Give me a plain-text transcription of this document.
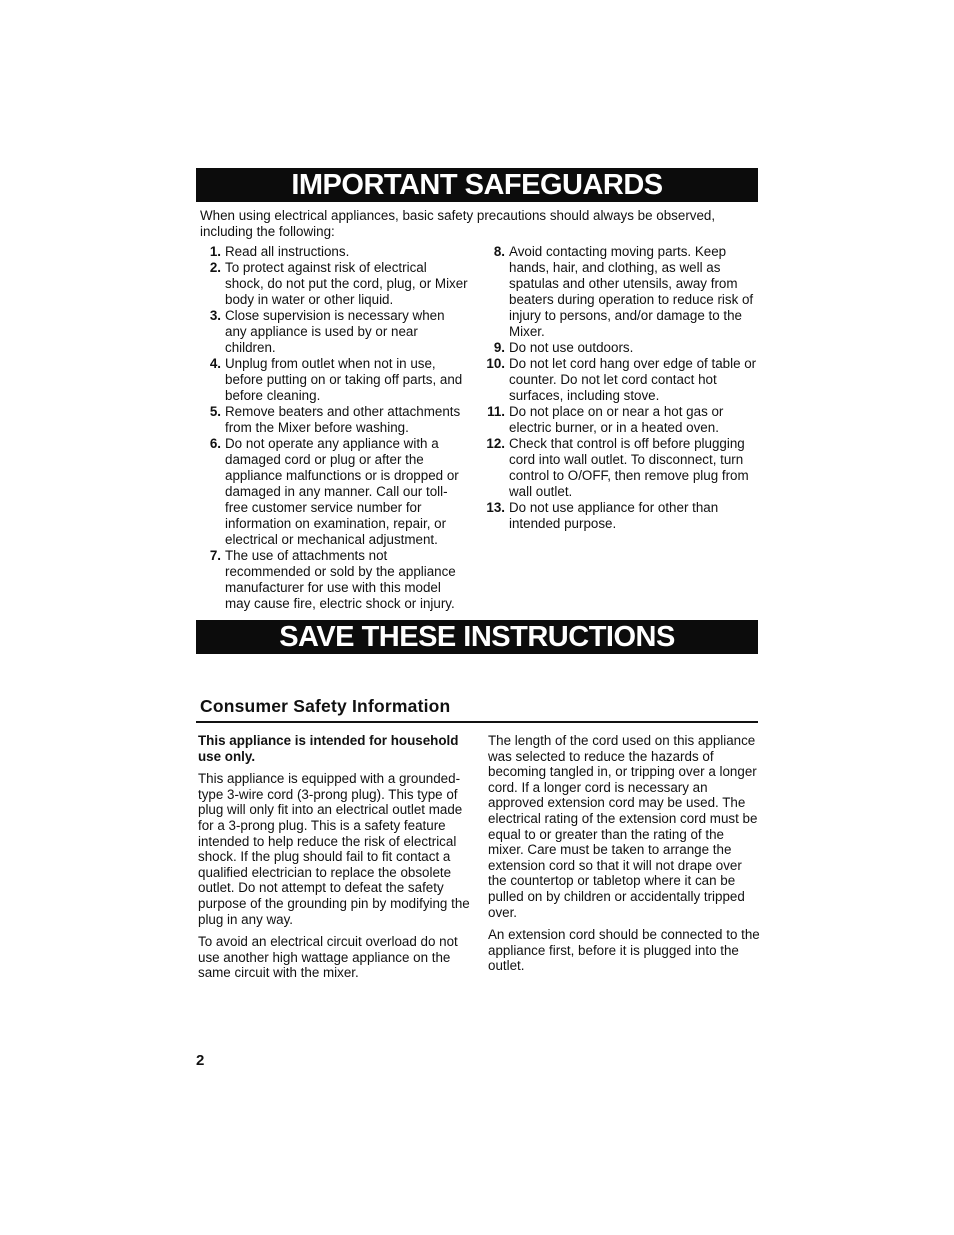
IMPORTANT SAFEGUARDS
When using electrical appliances, basic safety precautions should always be observed, including the following:
1. Read all instructions.
2. To protect against risk of electrical shock, do not put the cord, plug, or Mixer body in water or other liquid.
3. Close supervision is necessary when any appliance is used by or near children.
4. Unplug from outlet when not in use, before putting on or taking off parts, and before cleaning.
5. Remove beaters and other attachments from the Mixer before washing.
6. Do not operate any appliance with a damaged cord or plug or after the appliance malfunctions or is dropped or damaged in any manner. Call our toll-free customer service number for information on examination, repair, or electrical or mechanical adjustment.
7. The use of attachments not recommended or sold by the appliance manufacturer for use with this model may cause fire, electric shock or injury.
8. Avoid contacting moving parts. Keep hands, hair, and clothing, as well as spatulas and other utensils, away from beaters during operation to reduce risk of injury to persons, and/or damage to the Mixer.
9. Do not use outdoors.
10. Do not let cord hang over edge of table or counter. Do not let cord contact hot surfaces, including stove.
11. Do not place on or near a hot gas or electric burner, or in a heated oven.
12. Check that control is off before plugging cord into wall outlet. To disconnect, turn control to O/OFF, then remove plug from wall outlet.
13. Do not use appliance for other than intended purpose.
SAVE THESE INSTRUCTIONS
Consumer Safety Information

This appliance is intended for household use only.

This appliance is equipped with a grounded-type 3-wire cord (3-prong plug). This type of plug will only fit into an electrical outlet made for a 3-prong plug. This is a safety feature intended to help reduce the risk of electrical shock. If the plug should fail to fit contact a qualified electrician to replace the obsolete outlet. Do not attempt to defeat the safety purpose of the grounding pin by modifying the plug in any way.

To avoid an electrical circuit overload do not use another high wattage appliance on the same circuit with the mixer.

The length of the cord used on this appliance was selected to reduce the hazards of becoming tangled in, or tripping over a longer cord. If a longer cord is necessary an approved extension cord may be used. The electrical rating of the extension cord must be equal to or greater than the rating of the mixer. Care must be taken to arrange the extension cord so that it will not drape over the countertop or tabletop where it can be pulled on by children or accidentally tripped over.

An extension cord should be connected to the appliance first, before it is plugged into the outlet.

2
